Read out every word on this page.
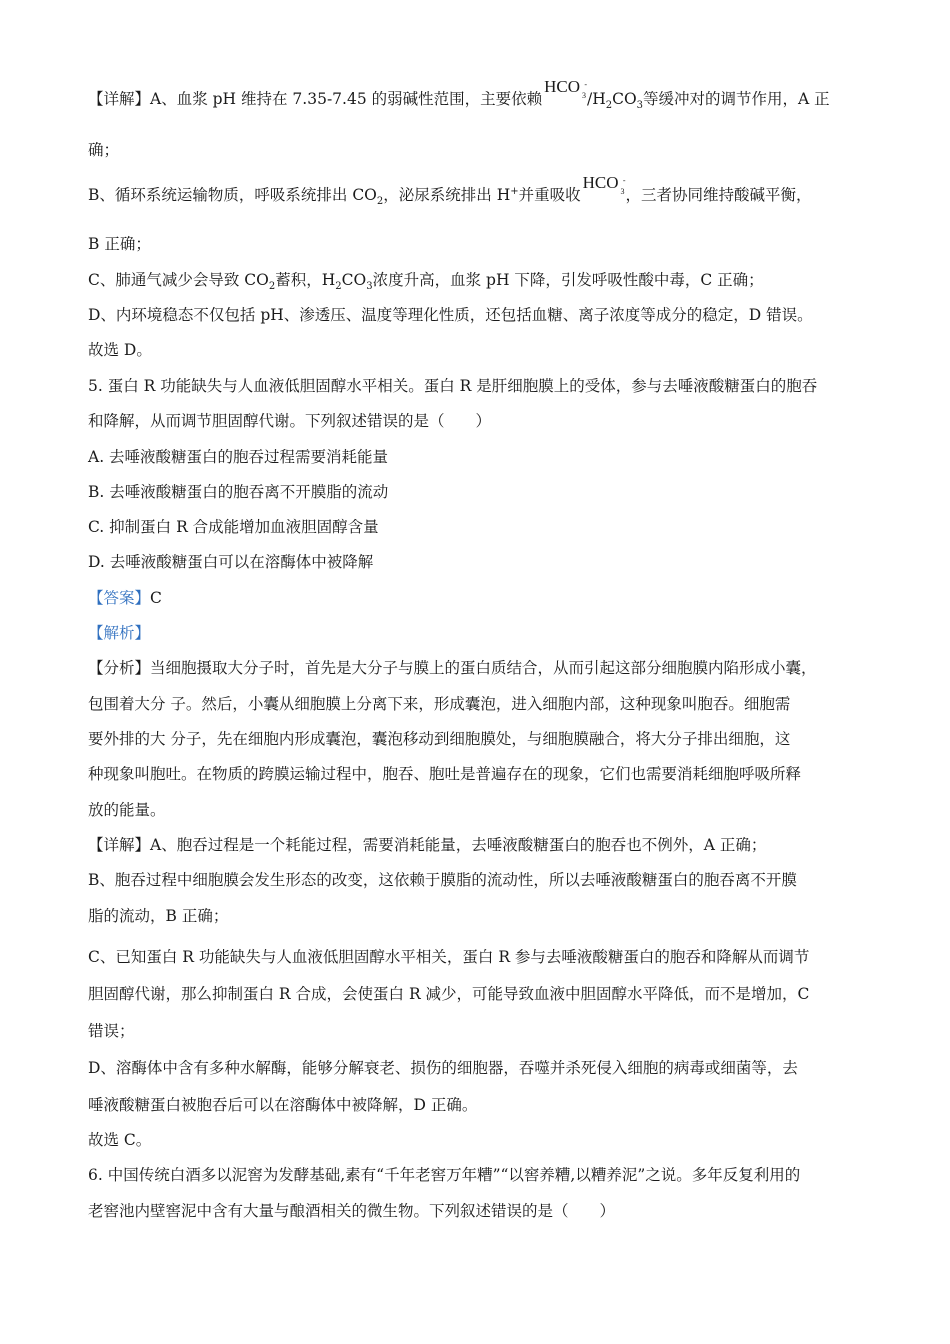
【详解】A、血浆 pH 维持在 7.35-7.45 的弱碱性范围，主要依赖HCO -
3 $/H_2CO_3$等缓冲对的调节作用，A 正
确；
B、循环系统运输物质，呼吸系统排出 $CO_2$，泌尿系统排出 H+并重吸收HCO -
3 ，三者协同维持酸碱平衡，
B 正确；
C、肺通气减少会导致 $CO_2$蓄积，$H_2CO_3$浓度升高，血浆 pH 下降，引发呼吸性酸中毒，C 正确；
D、内环境稳态不仅包括 pH、渗透压、温度等理化性质，还包括血糖、离子浓度等成分的稳定，D 错误。
故选 D。
5. 蛋白 R 功能缺失与人血液低胆固醇水平相关。蛋白 R 是肝细胞膜上的受体，参与去唾液酸糖蛋白的胞吞
和降解，从而调节胆固醇代谢。下列叙述错误的是（　　）
A. 去唾液酸糖蛋白的胞吞过程需要消耗能量
B. 去唾液酸糖蛋白的胞吞离不开膜脂的流动
C. 抑制蛋白 R 合成能增加血液胆固醇含量
D. 去唾液酸糖蛋白可以在溶酶体中被降解
【答案】C
【解析】
【分析】当细胞摄取大分子时，首先是大分子与膜上的蛋白质结合，从而引起这部分细胞膜内陷形成小囊，
包围着大分 子。然后，小囊从细胞膜上分离下来，形成囊泡，进入细胞内部，这种现象叫胞吞。细胞需
要外排的大 分子，先在细胞内形成囊泡，囊泡移动到细胞膜处，与细胞膜融合，将大分子排出细胞，这
种现象叫胞吐。在物质的跨膜运输过程中，胞吞、胞吐是普遍存在的现象，它们也需要消耗细胞呼吸所释
放的能量。
【详解】A、胞吞过程是一个耗能过程，需要消耗能量，去唾液酸糖蛋白的胞吞也不例外，A 正确；
B、胞吞过程中细胞膜会发生形态的改变，这依赖于膜脂的流动性，所以去唾液酸糖蛋白的胞吞离不开膜
脂的流动，B 正确；
C、已知蛋白 R 功能缺失与人血液低胆固醇水平相关，蛋白 R 参与去唾液酸糖蛋白的胞吞和降解从而调节
胆固醇代谢，那么抑制蛋白 R 合成，会使蛋白 R 减少，可能导致血液中胆固醇水平降低，而不是增加，C
错误；
D、溶酶体中含有多种水解酶，能够分解衰老、损伤的细胞器，吞噬并杀死侵入细胞的病毒或细菌等，去
唾液酸糖蛋白被胞吞后可以在溶酶体中被降解，D 正确。
故选 C。
6. 中国传统白酒多以泥窖为发酵基础,素有“千年老窖万年糟”“以窖养糟,以糟养泥”之说。多年反复利用的
老窖池内壁窖泥中含有大量与酿酒相关的微生物。下列叙述错误的是（　　）
